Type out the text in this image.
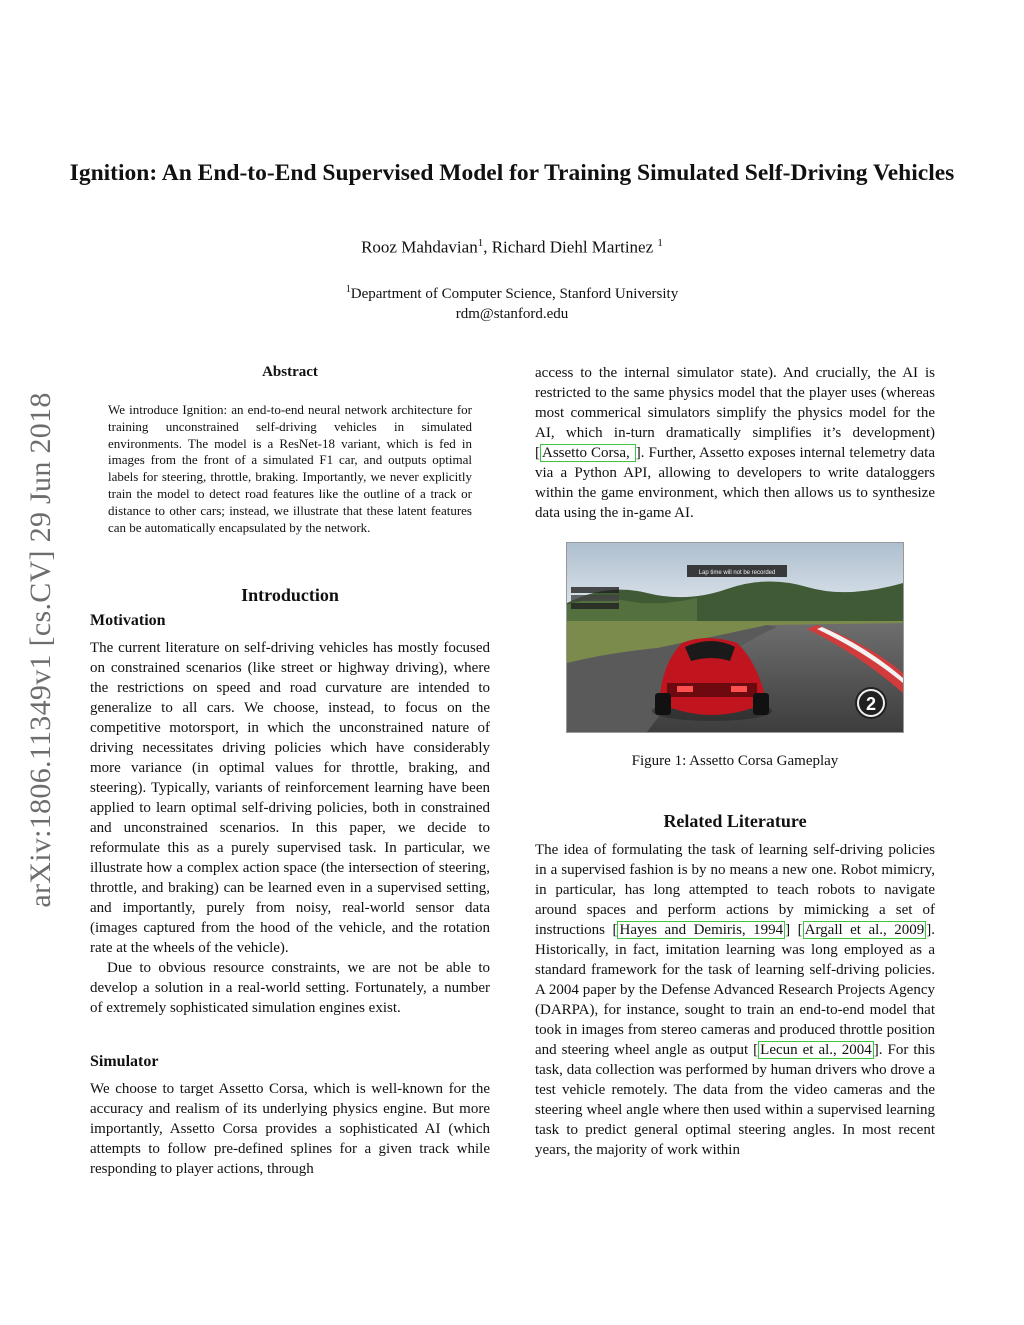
Ignition: An End-to-End Supervised Model for Training Simulated Self-Driving Vehicles
Rooz Mahdavian$^1$, Richard Diehl Martinez $^1$
$^1$Department of Computer Science, Stanford University
rdm@stanford.edu
arXiv:1806.11349v1 [cs.CV] 29 Jun 2018
Abstract
We introduce Ignition: an end-to-end neural network architecture for training unconstrained self-driving vehicles in simulated environments. The model is a ResNet-18 variant, which is fed in images from the front of a simulated F1 car, and outputs optimal labels for steering, throttle, braking. Importantly, we never explicitly train the model to detect road features like the outline of a track or distance to other cars; instead, we illustrate that these latent features can be automatically encapsulated by the network.
Introduction
Motivation

The current literature on self-driving vehicles has mostly focused on constrained scenarios (like street or highway driving), where the restrictions on speed and road curvature are intended to generalize to all cars. We choose, instead, to focus on the competitive motorsport, in which the unconstrained nature of driving necessitates driving policies which have considerably more variance (in optimal values for throttle, braking, and steering). Typically, variants of reinforcement learning have been applied to learn optimal self-driving policies, both in constrained and unconstrained scenarios. In this paper, we decide to reformulate this as a purely supervised task. In particular, we illustrate how a complex action space (the intersection of steering, throttle, and braking) can be learned even in a supervised setting, and importantly, purely from noisy, real-world sensor data (images captured from the hood of the vehicle, and the rotation rate at the wheels of the vehicle).

Due to obvious resource constraints, we are not be able to develop a solution in a real-world setting. Fortunately, a number of extremely sophisticated simulation engines exist.

Simulator

We choose to target Assetto Corsa, which is well-known for the accuracy and realism of its underlying physics engine. But more importantly, Assetto Corsa provides a sophisticated AI (which attempts to follow pre-defined splines for a given track while responding to player actions, through

access to the internal simulator state). And crucially, the AI is restricted to the same physics model that the player uses (whereas most commerical simulators simplify the physics model for the AI, which in-turn dramatically simplifies it’s development) [ Assetto Corsa, ]. Further, Assetto exposes internal telemetry data via a Python API, allowing to developers to write dataloggers within the game environment, which then allows us to synthesize data using the in-game AI.

Lap time will not be recorded
2
Figure 1: Assetto Corsa Gameplay
Related Literature

The idea of formulating the task of learning self-driving policies in a supervised fashion is by no means a new one. Robot mimicry, in particular, has long attempted to teach robots to navigate around spaces and perform actions by mimicking a set of instructions [ Hayes and Demiris, 1994 ] [ Argall et al., 2009 ]. Historically, in fact, imitation learning was long employed as a standard framework for the task of learning self-driving policies. A 2004 paper by the Defense Advanced Research Projects Agency (DARPA), for instance, sought to train an end-to-end model that took in images from stereo cameras and produced throttle position and steering wheel angle as output [ Lecun et al., 2004 ]. For this task, data collection was performed by human drivers who drove a test vehicle remotely. The data from the video cameras and the steering wheel angle where then used within a supervised learning task to predict general optimal steering angles. In most recent years, the majority of work within
